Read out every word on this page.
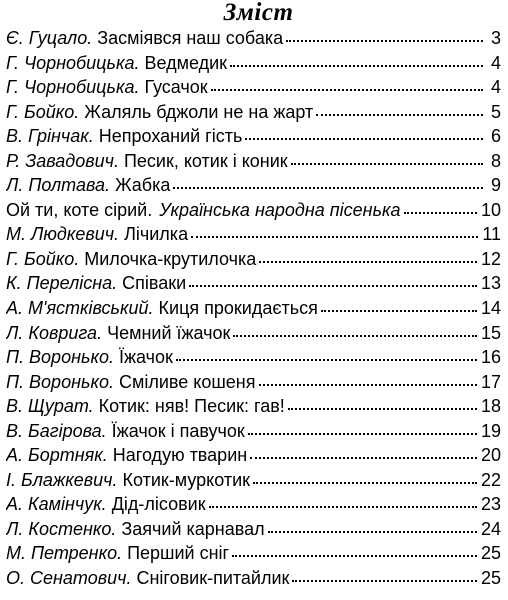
Зміст
Є. Гуцало. Засміявся наш собака	3
Г. Чорнобицька. Ведмедик	4
Г. Чорнобицька. Гусачок	4
Г. Бойко. Жаляль бджоли не на жарт	5
В. Грінчак. Непроханий гість	6
Р. Завадович. Песик, котик і коник	8
Л. Полтава. Жабка	9
Ой ти, коте сірий. Українська народна пісенька	10
М. Людкевич. Лічилка	11
Г. Бойко. Милочка-крутилочка	12
К. Перелісна. Співаки	13
А. М'ястківський. Киця прокидається	14
Л. Коврига. Чемний їжачок	15
П. Воронько. Їжачок	16
П. Воронько. Сміливе кошеня	17
В. Щурат. Котик: няв! Песик: гав!	18
В. Багірова. Їжачок і павучок	19
А. Бортняк. Нагодую тварин	20
І. Блажкевич. Котик-муркотик	22
А. Камінчук. Дід-лісовик	23
Л. Костенко. Заячий карнавал	24
М. Петренко. Перший сніг	25
О. Сенатович. Сніговик-питайлик	25
